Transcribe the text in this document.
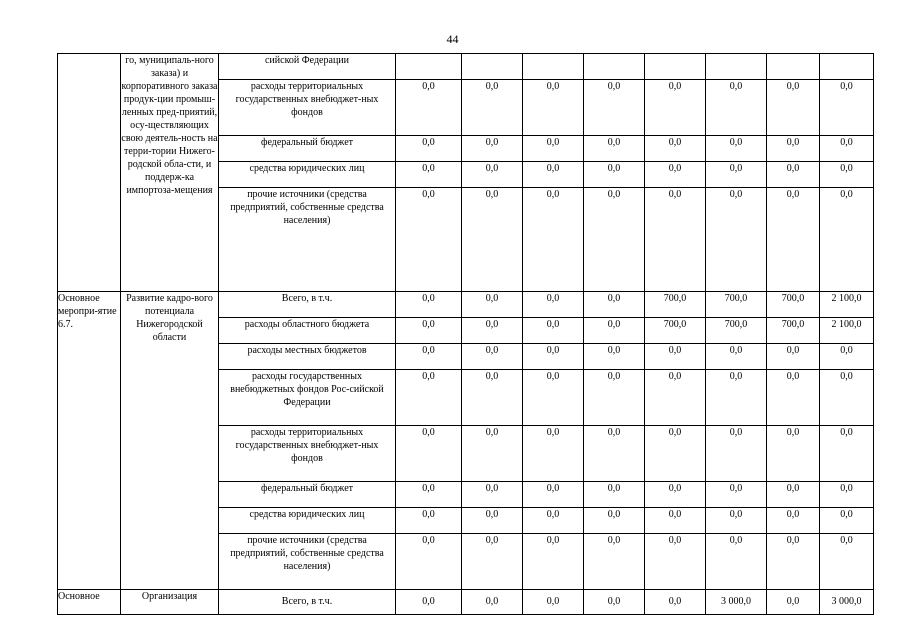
44
	го, муниципаль-ного заказа) и корпоративного заказа продук-ции промыш-ленных пред-приятий, осу-ществляющих свою деятель-ность на терри-тории Нижего-родской обла-сти, и поддерж-ка импортоза-мещения	сийской Федерации								
		расходы территориальных государственных внебюджет-ных фондов	0,0	0,0	0,0	0,0	0,0	0,0	0,0	0,0
		федеральный бюджет	0,0	0,0	0,0	0,0	0,0	0,0	0,0	0,0
		средства юридических лиц	0,0	0,0	0,0	0,0	0,0	0,0	0,0	0,0
		прочие источники (средства предприятий, собственные средства населения)	0,0	0,0	0,0	0,0	0,0	0,0	0,0	0,0
Основное меропри-ятие 6.7.	Развитие кадро-вого потенциала Нижегородской области	Всего, в т.ч.	0,0	0,0	0,0	0,0	700,0	700,0	700,0	2 100,0
		расходы областного бюджета	0,0	0,0	0,0	0,0	700,0	700,0	700,0	2 100,0
		расходы местных бюджетов	0,0	0,0	0,0	0,0	0,0	0,0	0,0	0,0
		расходы государственных внебюджетных фондов Рос-сийской Федерации	0,0	0,0	0,0	0,0	0,0	0,0	0,0	0,0
		расходы территориальных государственных внебюджет-ных фондов	0,0	0,0	0,0	0,0	0,0	0,0	0,0	0,0
		федеральный бюджет	0,0	0,0	0,0	0,0	0,0	0,0	0,0	0,0
		средства юридических лиц	0,0	0,0	0,0	0,0	0,0	0,0	0,0	0,0
		прочие источники (средства предприятий, собственные средства населения)	0,0	0,0	0,0	0,0	0,0	0,0	0,0	0,0
Основное	Организация	Всего, в т.ч.	0,0	0,0	0,0	0,0	0,0	3 000,0	0,0	3 000,0
